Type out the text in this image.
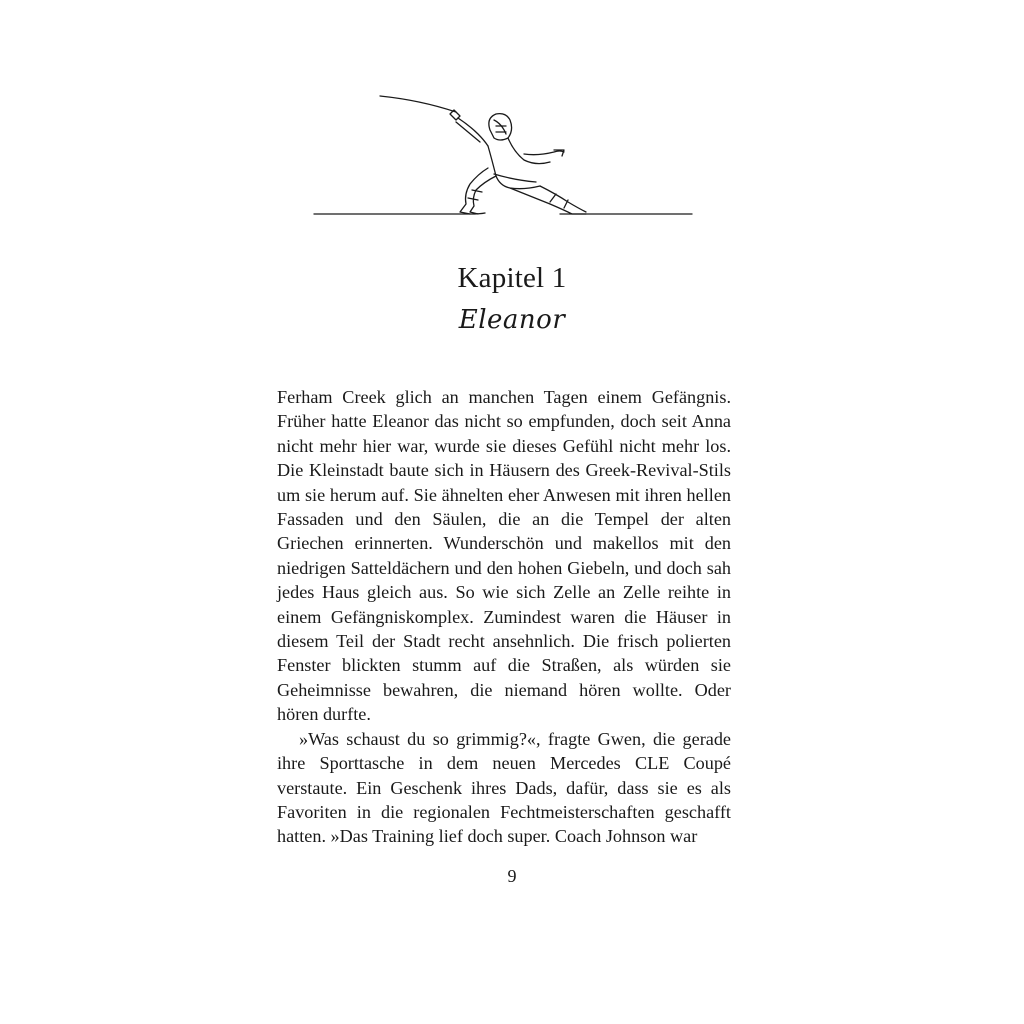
Kapitel 1
Eleanor

Ferham Creek glich an manchen Tagen einem Gefängnis. Früher hatte Eleanor das nicht so empfunden, doch seit Anna nicht mehr hier war, wurde sie dieses Gefühl nicht mehr los. Die Kleinstadt baute sich in Häusern des Greek-Revival-Stils um sie herum auf. Sie ähnelten eher Anwesen mit ihren hellen Fassaden und den Säulen, die an die Tempel der alten Griechen erinnerten. Wunderschön und makellos mit den niedrigen Satteldächern und den hohen Giebeln, und doch sah jedes Haus gleich aus. So wie sich Zelle an Zelle reihte in einem Gefängniskomplex. Zumindest waren die Häuser in diesem Teil der Stadt recht ansehnlich. Die frisch polierten Fenster blickten stumm auf die Straßen, als würden sie Geheimnisse bewahren, die niemand hören wollte. Oder hören durfte.

»Was schaust du so grimmig?«, fragte Gwen, die gerade ihre Sporttasche in dem neuen Mercedes CLE Coupé verstaute. Ein Geschenk ihres Dads, dafür, dass sie es als Favoriten in die regionalen Fechtmeisterschaften geschafft hatten. »Das Training lief doch super. Coach Johnson war

9
